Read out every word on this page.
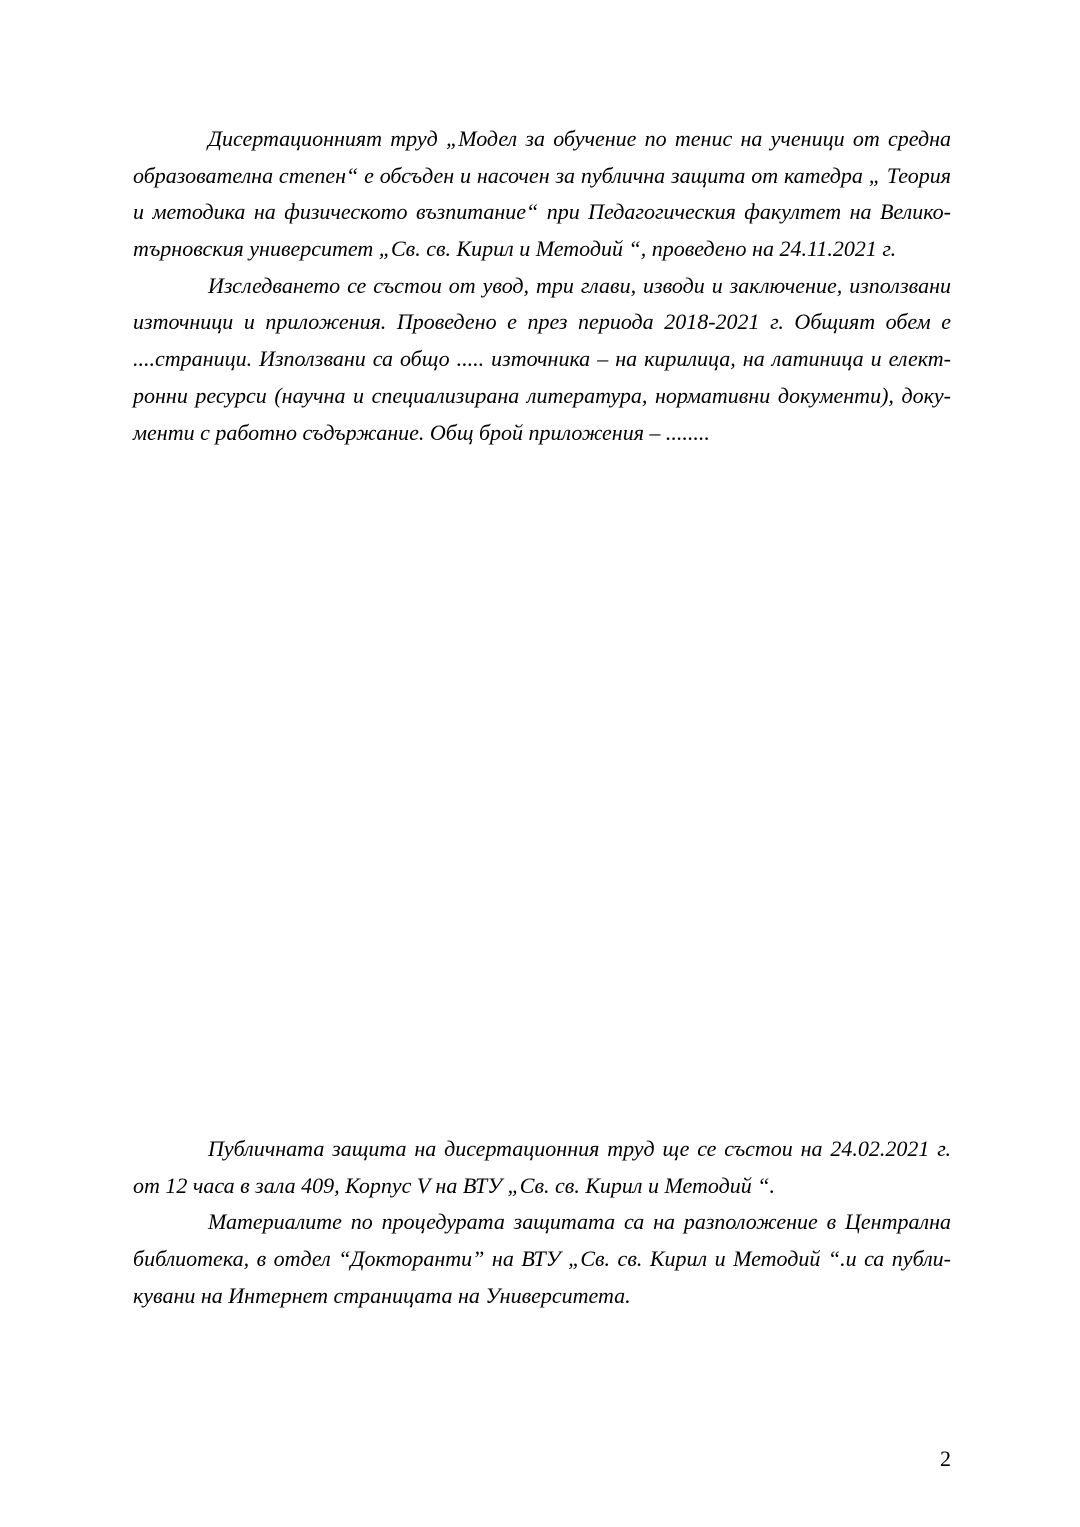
Дисертационният труд „Модел за обучение по тенис на ученици от средна

образователна степен“ е обсъден и насочен за публична защита от катедра „ Теория

и методика на физическото възпитание“ при Педагогическия факултет на Велико-

търновския университет „Св. св. Кирил и Методий “, проведено на 24.11.2021 г.

Изследването се състои от увод, три глави, изводи и заключение, използвани

източници и приложения. Проведено е през периода 2018-2021 г. Общият обем е

....страници. Използвани са общо ..... източника – на кирилица, на латиница и елект-

ронни ресурси (научна и специализирана литература, нормативни документи), доку-

менти с работно съдържание. Общ брой приложения – ........

Публичната защита на дисертационния труд ще се състои на 24.02.2021 г.

от 12 часа в зала 409, Корпус V на ВТУ „Св. св. Кирил и Методий “.

Материалите по процедурата защитата са на разположение в Централна

библиотека, в отдел “Докторанти” на ВТУ „Св. св. Кирил и Методий “.и са публи-

кувани на Интернет страницата на Университета.

2
